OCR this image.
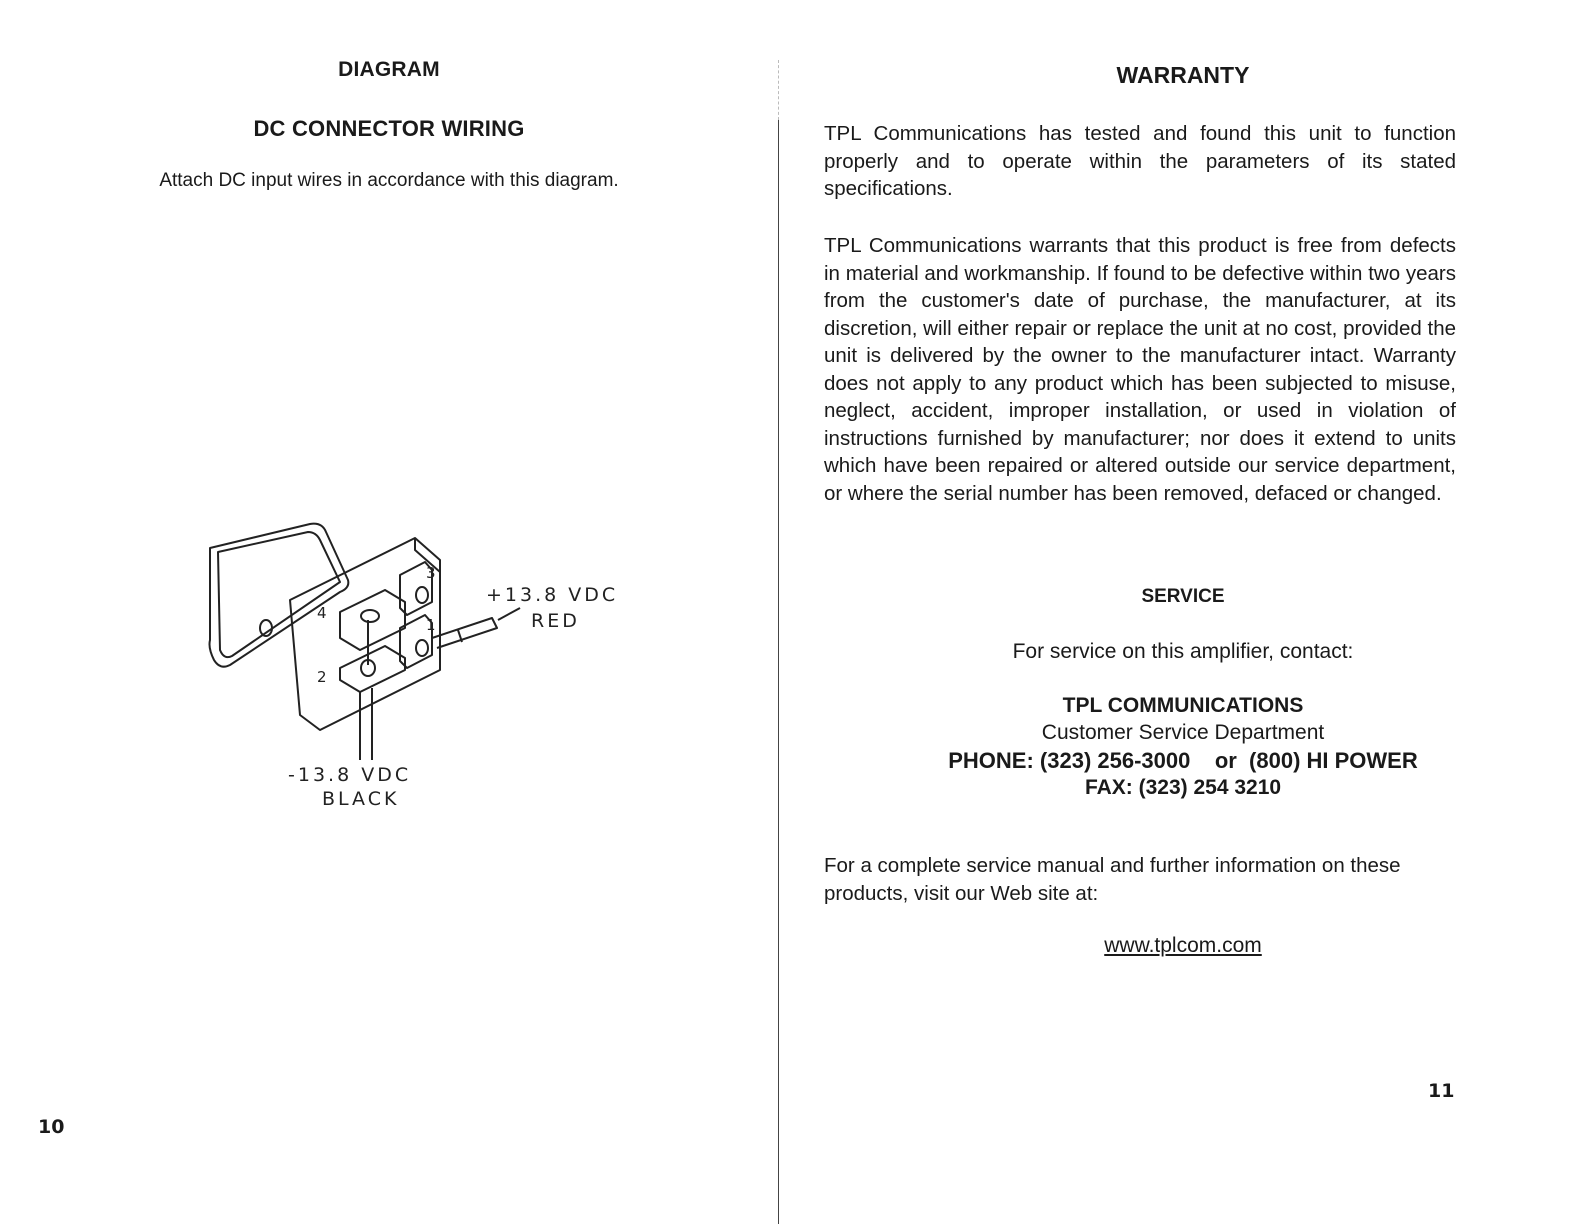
DIAGRAM
DC CONNECTOR WIRING
Attach DC input wires in accordance with this diagram.
4
2
3
1
+13.8 VDC
RED
-13.8 VDC
BLACK
10
WARRANTY
TPL Communications has tested and found this unit to function properly and to operate within the parameters of its stated specifications.
TPL Communications warrants that this product is free from defects in material and workmanship. If found to be defective within two years from the customer's date of purchase, the manufacturer, at its discretion, will either repair or replace the unit at no cost, provided the unit is delivered by the owner to the manufacturer intact. Warranty does not apply to any product which has been subjected to misuse, neglect, accident, improper installation, or used in violation of instructions furnished by manufacturer; nor does it extend to units which have been repaired or altered outside our service department, or where the serial number has been removed, defaced or changed.
SERVICE
For service on this amplifier, contact:
TPL COMMUNICATIONS
Customer Service Department
PHONE: (323) 256-3000    or  (800) HI POWER
FAX: (323) 254 3210
For a complete service manual and further information on these products, visit our Web site at:
www.tplcom.com
11
